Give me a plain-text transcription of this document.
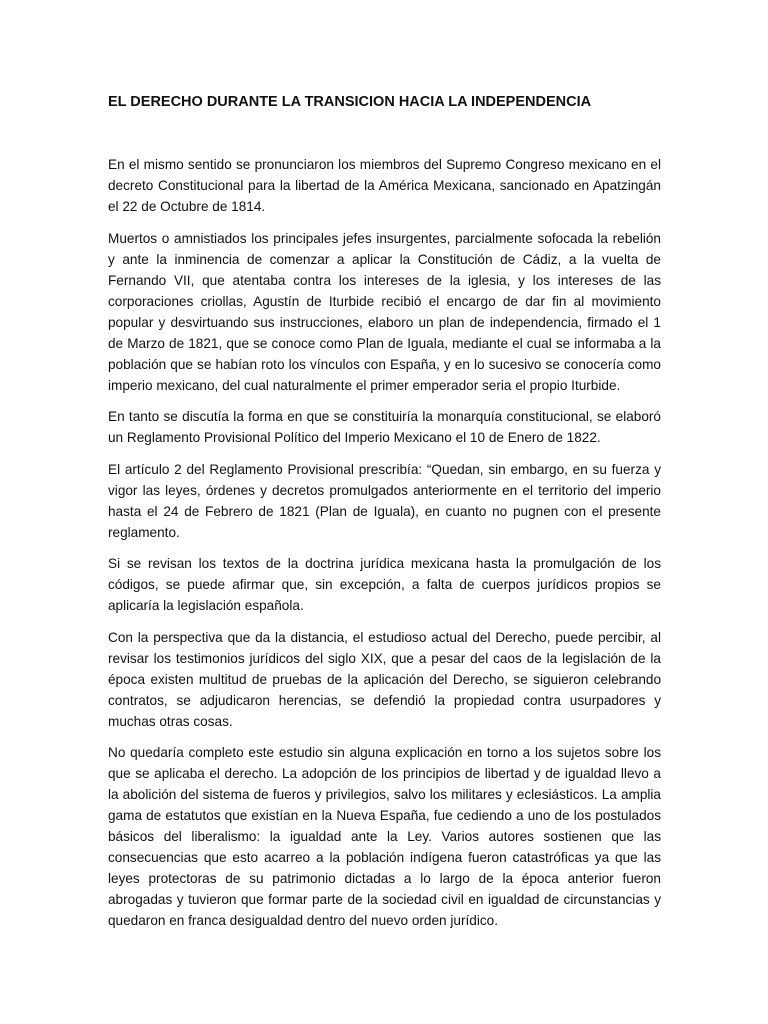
EL DERECHO DURANTE LA TRANSICION HACIA LA INDEPENDENCIA

En el mismo sentido se pronunciaron los miembros del Supremo Congreso mexicano en el decreto Constitucional para la libertad de la América Mexicana, sancionado en Apatzingán el 22 de Octubre de 1814.

Muertos o amnistiados los principales jefes insurgentes, parcialmente sofocada la rebelión y ante la inminencia de comenzar a aplicar la Constitución de Cádiz, a la vuelta de Fernando VII, que atentaba contra los intereses de la iglesia, y los intereses de las corporaciones criollas, Agustín de Iturbide recibió el encargo de dar fin al movimiento popular y desvirtuando sus instrucciones, elaboro un plan de independencia, firmado el 1 de Marzo de 1821, que se conoce como Plan de Iguala, mediante el cual se informaba a la población que se habían roto los vínculos con España, y en lo sucesivo se conocería como imperio mexicano, del cual naturalmente el primer emperador seria el propio Iturbide.

En tanto se discutía la forma en que se constituiría la monarquía constitucional, se elaboró un Reglamento Provisional Político del Imperio Mexicano el 10 de Enero de 1822.

El artículo 2 del Reglamento Provisional prescribía: “Quedan, sin embargo, en su fuerza y vigor las leyes, órdenes y decretos promulgados anteriormente en el territorio del imperio hasta el 24 de Febrero de 1821 (Plan de Iguala), en cuanto no pugnen con el presente reglamento.

Si se revisan los textos de la doctrina jurídica mexicana hasta la promulgación de los códigos, se puede afirmar que, sin excepción, a falta de cuerpos jurídicos propios se aplicaría la legislación española.

Con la perspectiva que da la distancia, el estudioso actual del Derecho, puede percibir, al revisar los testimonios jurídicos del siglo XIX, que a pesar del caos de la legislación de la época existen multitud de pruebas de la aplicación del Derecho, se siguieron celebrando contratos, se adjudicaron herencias, se defendió la propiedad contra usurpadores y muchas otras cosas.

No quedaría completo este estudio sin alguna explicación en torno a los sujetos sobre los que se aplicaba el derecho. La adopción de los principios de libertad y de igualdad llevo a la abolición del sistema de fueros y privilegios, salvo los militares y eclesiásticos. La amplia gama de estatutos que existían en la Nueva España, fue cediendo a uno de los postulados básicos del liberalismo: la igualdad ante la Ley. Varios autores sostienen que las consecuencias que esto acarreo a la población indígena fueron catastróficas ya que las leyes protectoras de su patrimonio dictadas a lo largo de la época anterior fueron abrogadas y tuvieron que formar parte de la sociedad civil en igualdad de circunstancias y quedaron en franca desigualdad dentro del nuevo orden jurídico.
